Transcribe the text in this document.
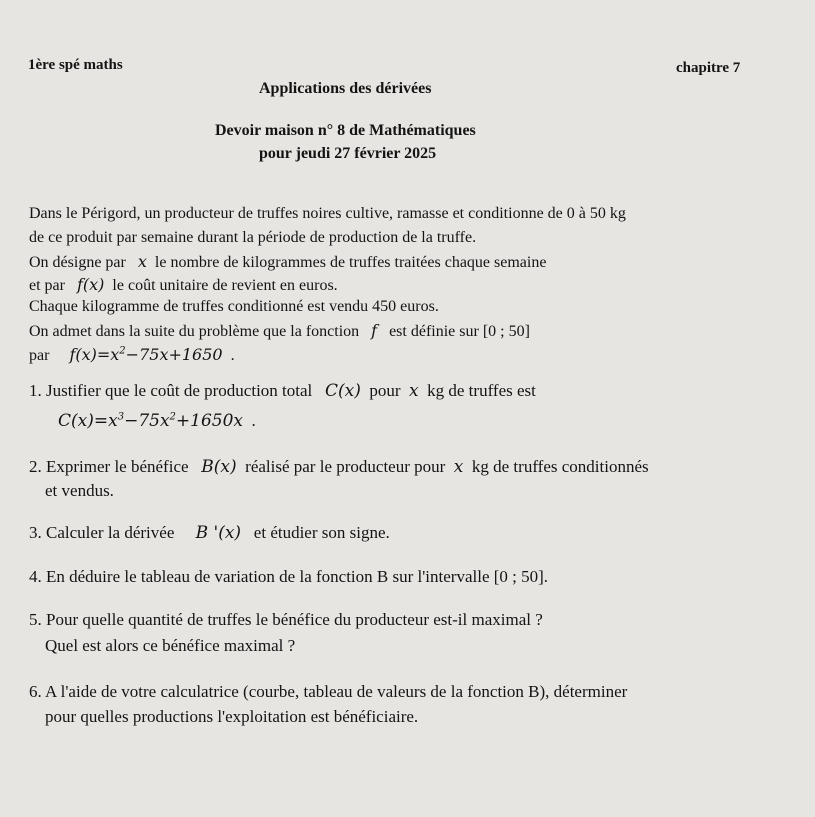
1ère spé maths	chapitre 7
Applications des dérivées
Devoir maison n° 8 de Mathématiques
pour jeudi 27 février 2025
Dans le Périgord, un producteur de truffes noires cultive, ramasse et conditionne de 0 à 50 kg
de ce produit par semaine durant la période de production de la truffe.
On désigne par x le nombre de kilogrammes de truffes traitées chaque semaine
et par f(x) le coût unitaire de revient en euros.
Chaque kilogramme de truffes conditionné est vendu 450 euros.
On admet dans la suite du problème que la fonction f est définie sur [0 ; 50]
par $f(x)=x^2-75x+1650$ .
1. Justifier que le coût de production total C(x) pour x kg de truffes est
$C(x)=x^3-75x^2+1650x$ .
2. Exprimer le bénéfice B(x) réalisé par le producteur pour x kg de truffes conditionnés
et vendus.
3. Calculer la dérivée B '(x) et étudier son signe.
4. En déduire le tableau de variation de la fonction B sur l'intervalle [0 ; 50].
5. Pour quelle quantité de truffes le bénéfice du producteur est-il maximal ?
Quel est alors ce bénéfice maximal ?
6. A l'aide de votre calculatrice (courbe, tableau de valeurs de la fonction B), déterminer
pour quelles productions l'exploitation est bénéficiaire.
